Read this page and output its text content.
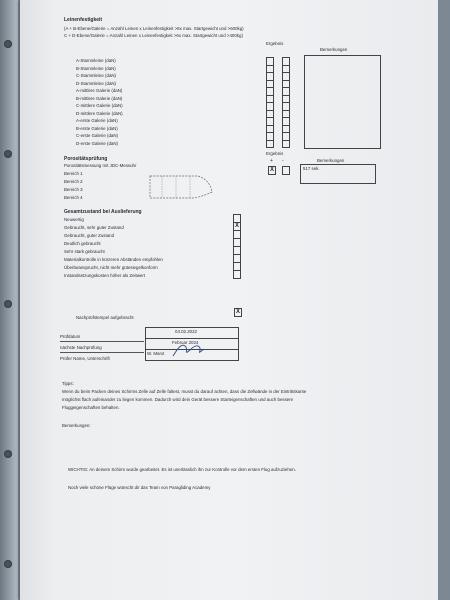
Leinenfestigkeit
(A + B-Ebene/Galerie = Anzahl Leinen x Leinenfestigkeit >8x max. Startgewicht und >600kg)
C + D-Ebene/Galerie = Anzahl Leinen x Leinenfestigkeit >6x max. Startgewicht und >400kg)
Ergebnis
Bemerkungen
A-Stammleine (daN)
B-Stammleine (daN)
C-Stammleine (daN)
D-Stammleine (daN)
A-mittlere Galerie (daN)
B-mittlere Galerie (daN)
C-mittlere Galerie (daN)
D-mittlere Galerie (daN)
A-erste Galerie (daN)
B-erste Galerie (daN)
C-erste Galerie (daN)
D-erste Galerie (daN)
Porositätsprüfung
Porositätsmessung mit JDC-Messuhr
Bereich 1
Bereich 2
Bereich 3
Bereich 4
Ergebnis
+ -
X
Bemerkungen
517 sek.
Gesamtzustand bei Auslieferung
Neuwertig
Gebraucht, sehr guter Zustand
Gebraucht, guter Zustand
Deutlich gebraucht
Sehr stark gebraucht
Materialkontrolle in kürzeren Abständen empfohlen
Überbeansprucht, nicht mehr gütesiegelkonform
Instandsetzungskosten höher als Zeitwert
X
Nachprüfstempel aufgebracht
X
Prüfdatum
nächste Nachprüfung
Prüfer Name, Unterschrift
04.02.2022
Februar 2024
W. Marxt
Tipps:
Wenn du beim Packen deines Schirms Zelle auf Zelle faltest, musst du darauf achten, dass die Zellwände in der Eintrittskante
möglichst flach aufeinander zu liegen kommen. Dadurch wird dein Gerät bessere Starteigenschaften und auch bessere
Fluggeigenschaften behalten.
Bemerkungen:
WICHTIG: An deinem Schirm wurde gearbeitet. Es ist unerlässlich ihn zur Kontrolle vor dem ersten Flug aufzuziehen.
Noch viele schöne Flüge wünscht dir das Team von Paragliding Academy
